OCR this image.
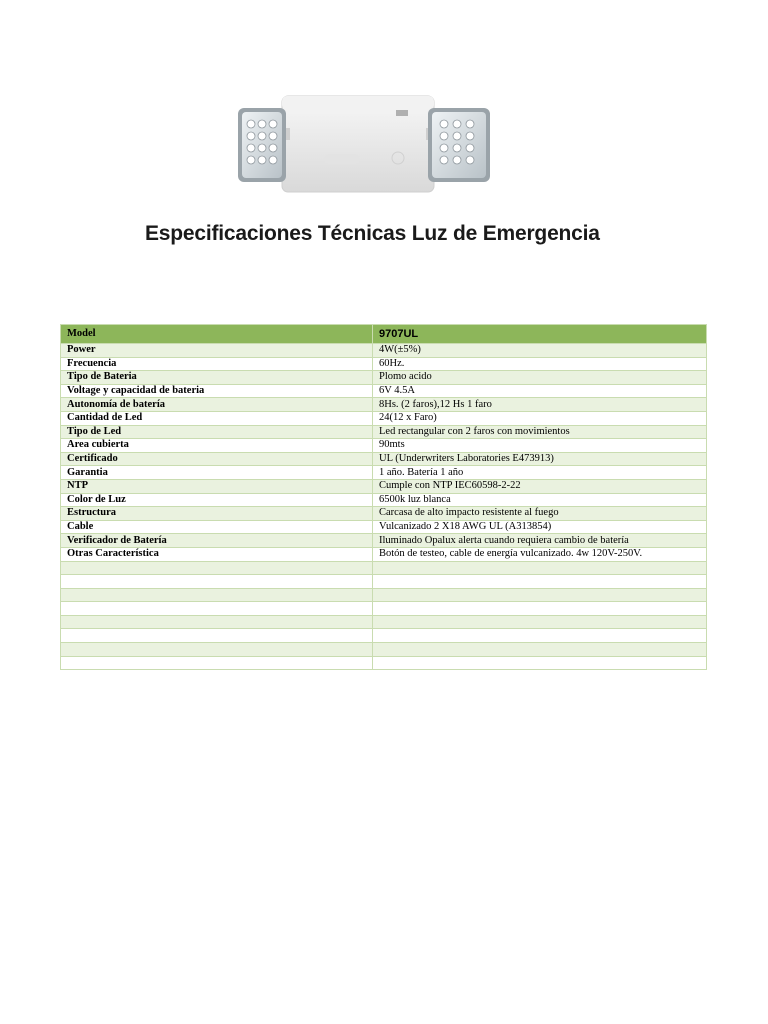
Especificaciones Técnicas Luz de Emergencia
Model	9707UL
Power	4W(±5%)
Frecuencia	60Hz.
Tipo de Bateria	Plomo acido
Voltage y capacidad de bateria	6V 4.5A
Autonomía de batería	8Hs. (2 faros),12 Hs 1 faro
Cantidad de Led	24(12 x Faro)
Tipo de Led	Led rectangular con 2 faros con movimientos
Area cubierta	90mts
Certificado	UL (Underwriters Laboratories E473913)
Garantia	1 año. Batería 1 año
NTP	Cumple con NTP IEC60598-2-22
Color de Luz	6500k luz blanca
Estructura	Carcasa de alto impacto resistente al fuego
Cable	Vulcanizado 2 X18 AWG UL (A313854)
Verificador de Batería	Iluminado Opalux alerta cuando requiera cambio de batería
Otras Característica	Botón de testeo, cable de energía vulcanizado. 4w 120V-250V.
